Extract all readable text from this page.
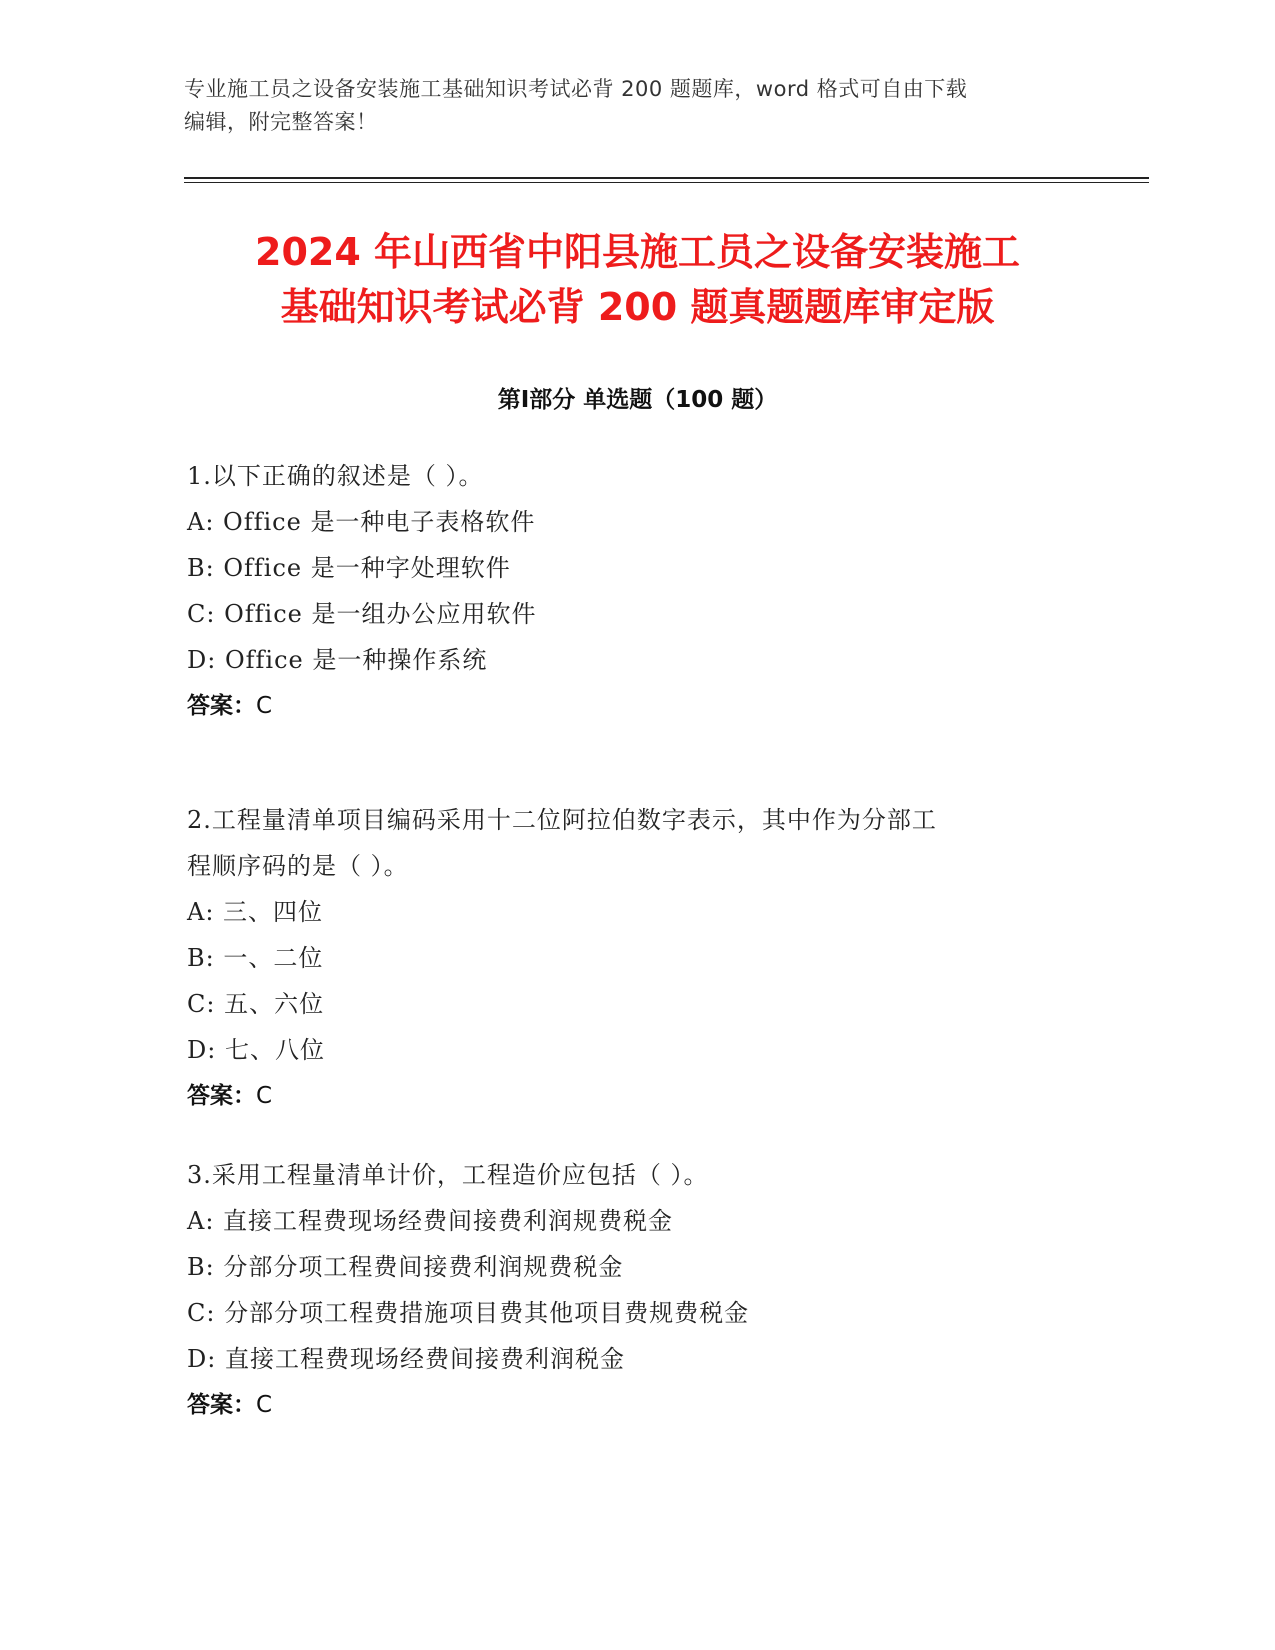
专业施工员之设备安装施工基础知识考试必背 200 题题库，word 格式可自由下载
编辑，附完整答案！
2024 年山西省中阳县施工员之设备安装施工
基础知识考试必背 200 题真题题库审定版
第Ⅰ部分 单选题（100 题）
1.以下正确的叙述是（ ）。
A: Office 是一种电子表格软件
B: Office 是一种字处理软件
C: Office 是一组办公应用软件
D: Office 是一种操作系统
答案：C
2.工程量清单项目编码采用十二位阿拉伯数字表示，其中作为分部工
程顺序码的是（ ）。
A: 三、四位
B: 一、二位
C: 五、六位
D: 七、八位
答案：C
3.采用工程量清单计价，工程造价应包括（ ）。
A: 直接工程费现场经费间接费利润规费税金
B: 分部分项工程费间接费利润规费税金
C: 分部分项工程费措施项目费其他项目费规费税金
D: 直接工程费现场经费间接费利润税金
答案：C
